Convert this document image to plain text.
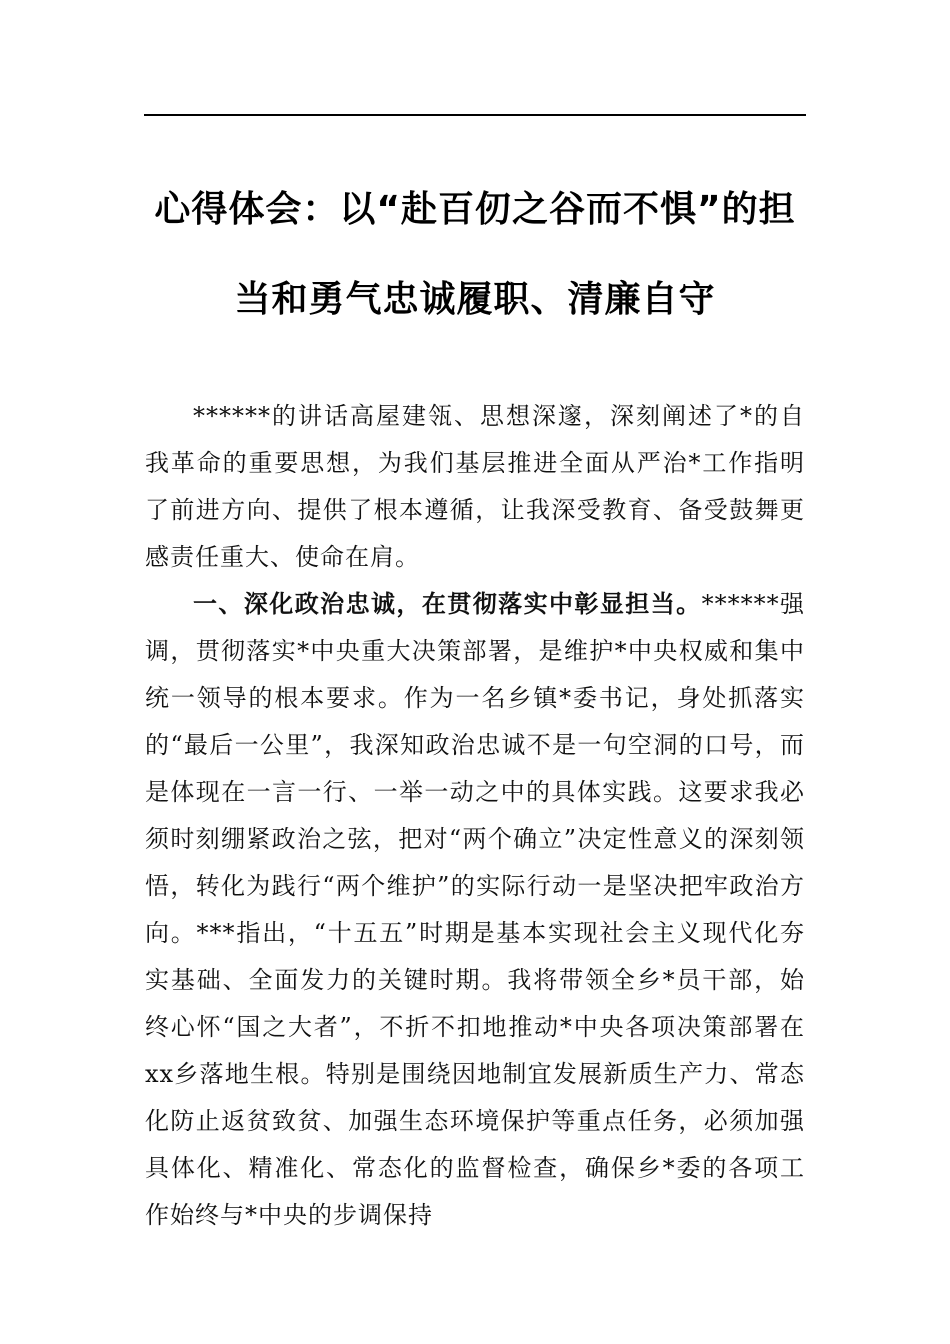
心得体会：以“赴百仞之谷而不惧”的担
当和勇气忠诚履职、清廉自守

******的讲话高屋建瓴、思想深邃，深刻阐述了*的自我革命的重要思想，为我们基层推进全面从严治*工作指明了前进方向、提供了根本遵循，让我深受教育、备受鼓舞更感责任重大、使命在肩。

一、深化政治忠诚，在贯彻落实中彰显担当。******强调，贯彻落实*中央重大决策部署，是维护*中央权威和集中统一领导的根本要求。作为一名乡镇*委书记，身处抓落实的“最后一公里”，我深知政治忠诚不是一句空洞的口号，而是体现在一言一行、一举一动之中的具体实践。这要求我必须时刻绷紧政治之弦，把对“两个确立”决定性意义的深刻领悟，转化为践行“两个维护”的实际行动一是坚决把牢政治方向。***指出，“十五五”时期是基本实现社会主义现代化夯实基础、全面发力的关键时期。我将带领全乡*员干部，始终心怀“国之大者”，不折不扣地推动*中央各项决策部署在xx乡落地生根。特别是围绕因地制宜发展新质生产力、常态化防止返贫致贫、加强生态环境保护等重点任务，必须加强具体化、精准化、常态化的监督检查，确保乡*委的各项工作始终与*中央的步调保持
